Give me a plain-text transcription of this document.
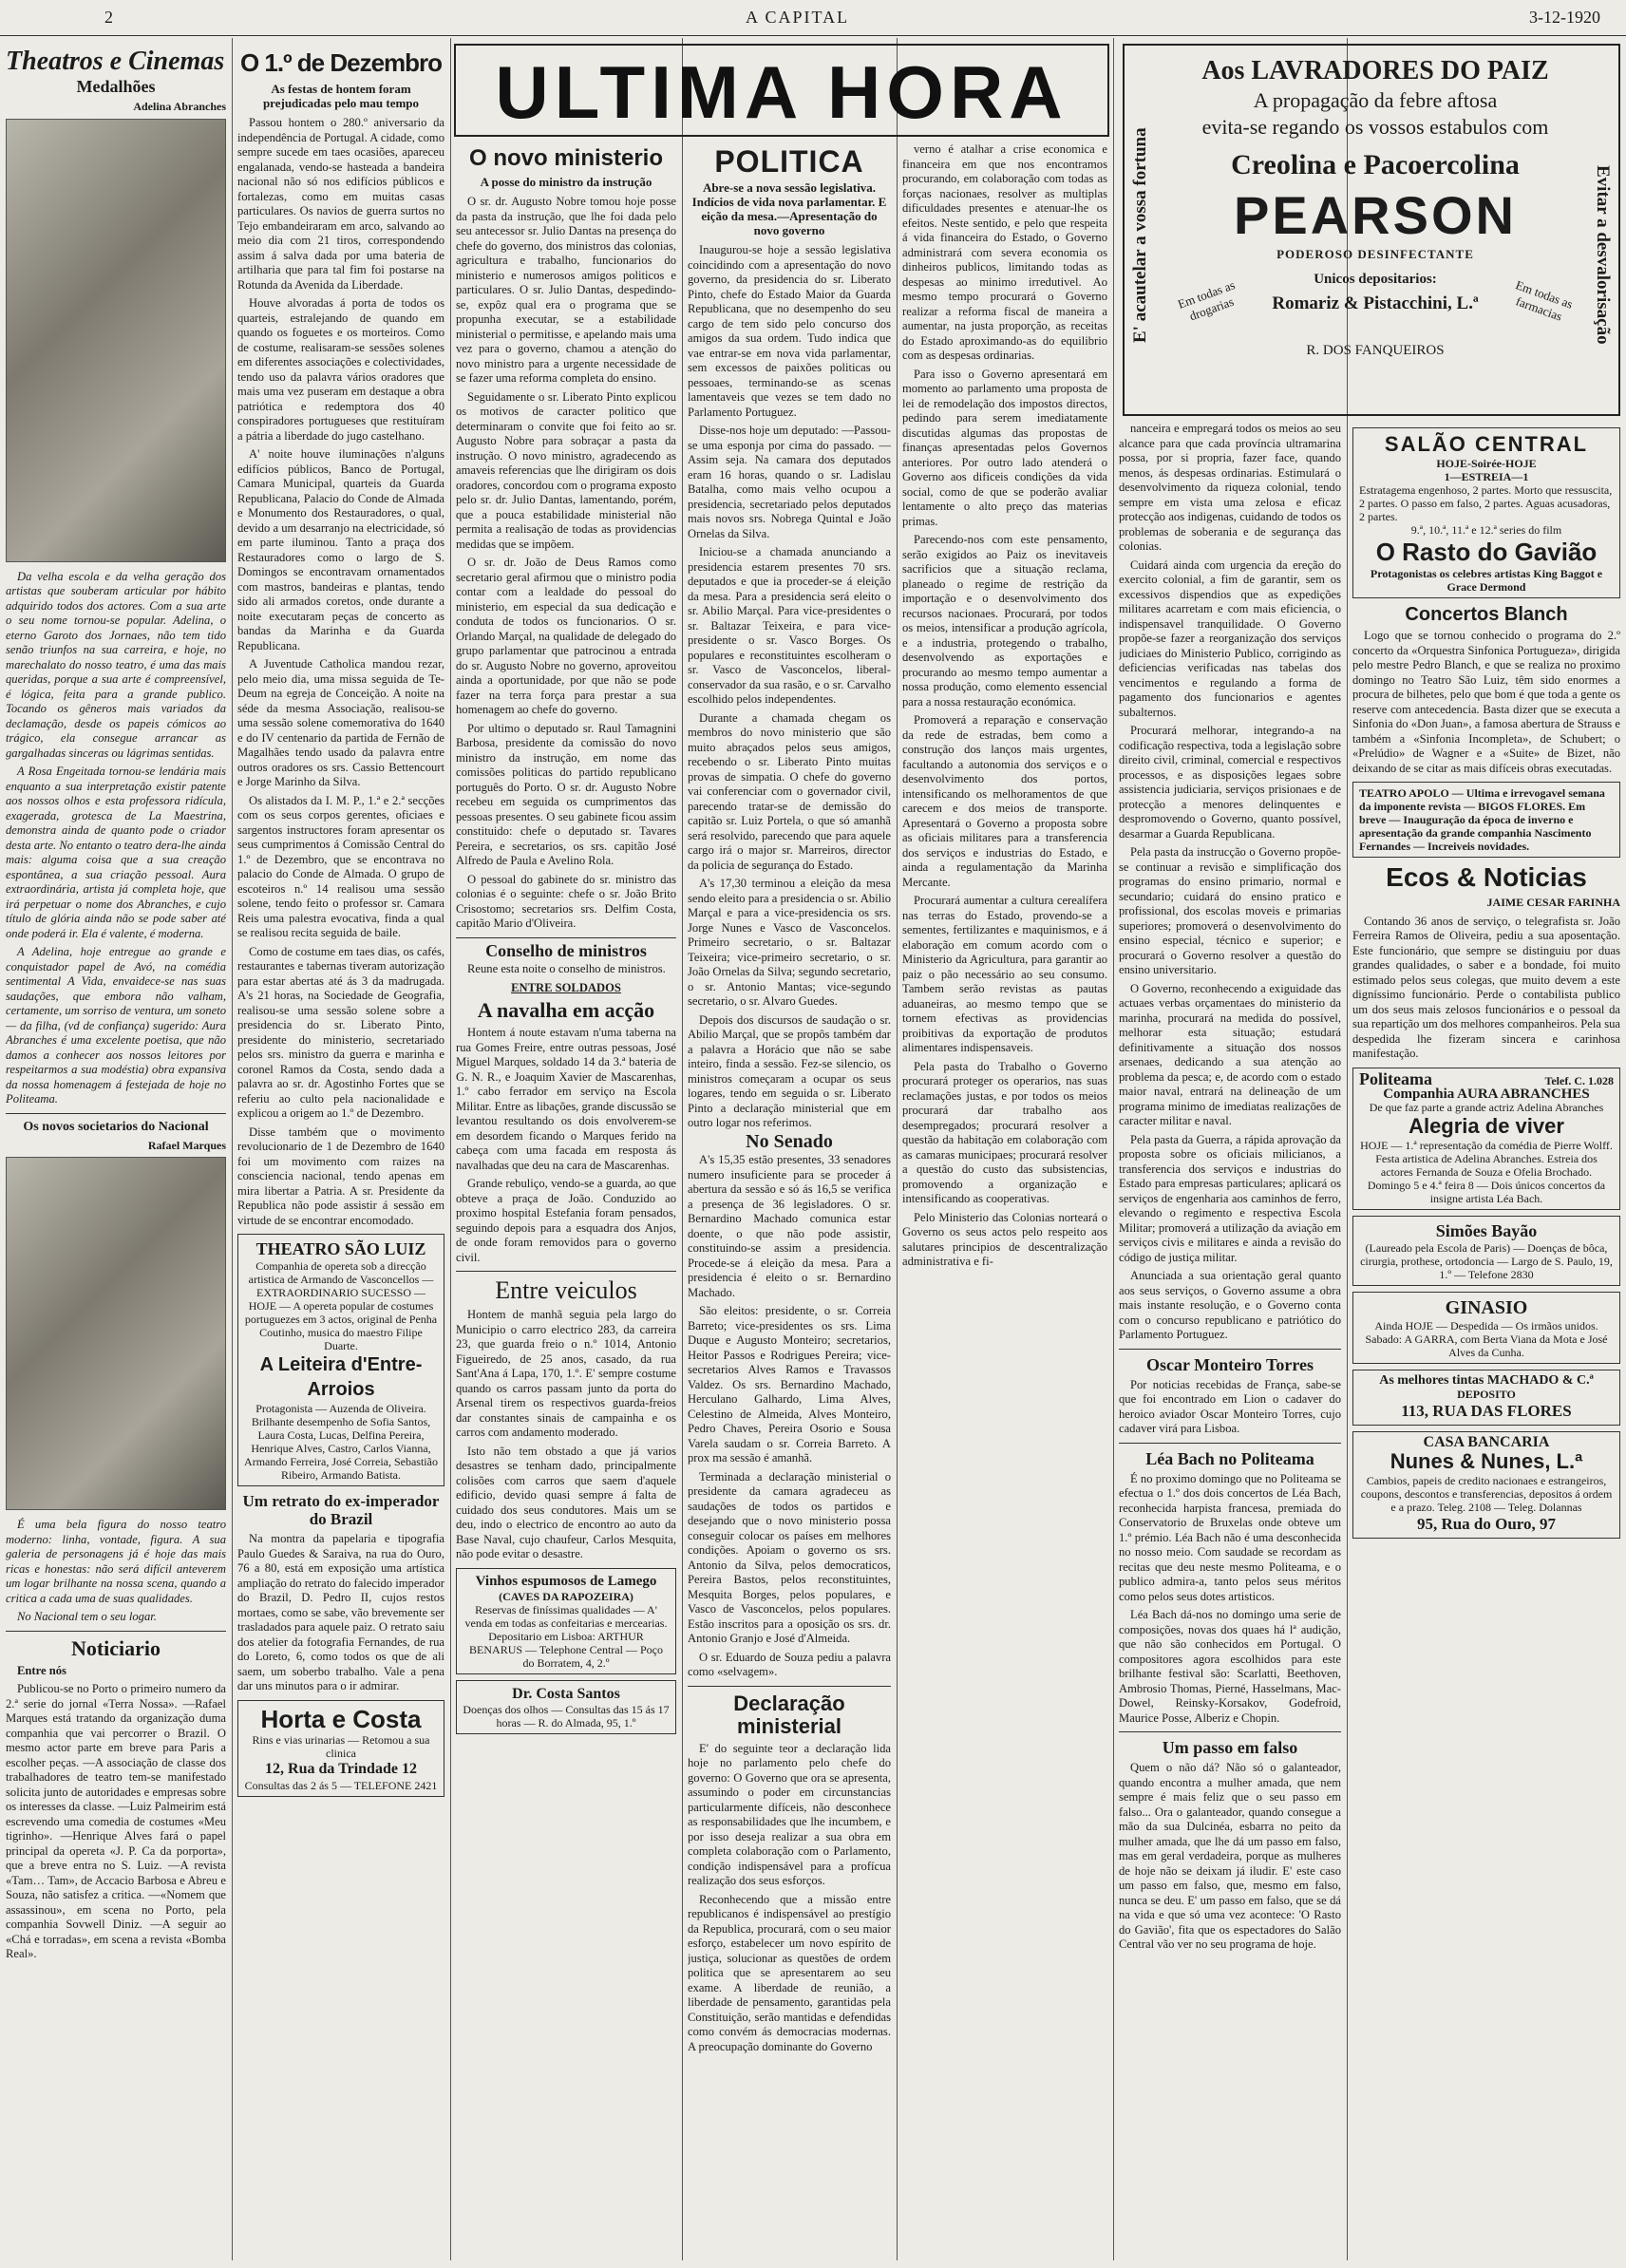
2	A CAPITAL	3-12-1920
Theatros e Cinemas
Medalhões
Adelina Abranches

Da velha escola e da velha geração dos artistas que souberam articular por hábito adquirido todos dos actores. Com a sua arte o seu nome tornou-se popular. Adelina, o eterno Garoto dos Jornaes, não tem tido senão triunfos na sua carreira, e hoje, no marechalato do nosso teatro, é uma das mais queridas, porque a sua arte é compreensível, é lógica, feita para a grande publico. Tocando os gêneros mais variados da declamação, desde os papeis cómicos ao trágico, ela consegue arrancar as gargalhadas sinceras ou lágrimas sentidas.

A Rosa Engeitada tornou-se lendária mais enquanto a sua interpretação existir patente aos nossos olhos e esta professora ridícula, exagerada, grotesca de La Maestrina, demonstra ainda de quanto pode o criador desta arte. No entanto o teatro dera-lhe ainda mais: alguma coisa que a sua creação espontânea, a sua criação pessoal. Aura extraordinária, artista já completa hoje, que irá perpetuar o nome dos Abranches, e cujo título de glória ainda não se pode saber até onde poderá ir. Ela é valente, é moderna.

A Adelina, hoje entregue ao grande e conquistador papel de Avó, na comédia sentimental A Vida, envaidece-se nas suas saudações, que embora não valham, certamente, um sorriso de ventura, um soneto — da filha, (vd de confiança) sugerido: Aura Abranches é uma excelente poetisa, que não damos a conhecer aos nossos leitores por respeitarmos a sua modéstia) obra expansiva da nossa homenagem á festejada de hoje no Politeama.

Os novos societarios do Nacional
Rafael Marques

É uma bela figura do nosso teatro moderno: linha, vontade, figura. A sua galeria de personagens já é hoje das mais ricas e honestas: não será difícil anteverem um logar brilhante na nossa scena, quando a critica a cada uma de suas qualidades.

No Nacional tem o seu logar.

Noticiario

Entre nós

Publicou-se no Porto o primeiro numero da 2.ª serie do jornal «Terra Nossa». —Rafael Marques está tratando da organização duma companhia que vai percorrer o Brazil. O mesmo actor parte em breve para Paris a escolher peças. —A associação de classe dos trabalhadores de teatro tem-se manifestado solicita junto de autoridades e empresas sobre os interesses da classe. —Luiz Palmeirim está escrevendo uma comedia de costumes «Meu tigrinho». —Henrique Alves fará o papel principal da opereta «J. P. Ca da porporta», que a breve entra no S. Luiz. —A revista «Tam… Tam», de Accacio Barbosa e Abreu e Souza, não satisfez a critica. —«Nomem que assassinou», em scena no Porto, pela companhia Sovwell Diniz. —A seguir ao «Chá e torradas», em scena a revista «Bomba Real».

O 1.º de Dezembro
As festas de hontem foram prejudicadas pelo mau tempo

Passou hontem o 280.º aniversario da independência de Portugal. A cidade, como sempre sucede em taes ocasiões, apareceu engalanada, vendo-se hasteada a bandeira nacional não só nos edifícios públicos e fortalezas, como em muitas casas particulares. Os navios de guerra surtos no Tejo embandeiraram em arco, salvando ao meio dia com 21 tiros, correspondendo assim á salva dada por uma bateria de artilharia que para tal fim foi postarse na Rotunda da Avenida da Liberdade.

Houve alvoradas á porta de todos os quarteis, estralejando de quando em quando os foguetes e os morteiros. Como de costume, realisaram-se sessões solenes em diferentes associações e colectividades, tendo uso da palavra vários oradores que mais uma vez puseram em destaque a obra patriótica e redemptora dos 40 conspiradores portugueses que restituíram a pátria a liberdade do jugo castelhano.

A' noite houve iluminações n'alguns edifícios públicos, Banco de Portugal, Camara Municipal, quarteis da Guarda Republicana, Palacio do Conde de Almada e Monumento dos Restauradores, o qual, devido a um desarranjo na electricidade, só em parte iluminou. Tanto a praça dos Restauradores como o largo de S. Domingos se encontravam ornamentados com mastros, bandeiras e plantas, tendo sido ali armados coretos, onde durante a noite executaram peças de concerto as bandas da Marinha e da Guarda Republicana.

A Juventude Catholica mandou rezar, pelo meio dia, uma missa seguida de Te-Deum na egreja de Conceição. A noite na séde da mesma Associação, realisou-se uma sessão solene comemorativa do 1640 e do IV centenario da partida de Fernão de Magalhães tendo usado da palavra entre outros oradores os srs. Cassio Bettencourt e Jorge Marinho da Silva.

Os alistados da I. M. P., 1.ª e 2.ª secções com os seus corpos gerentes, oficiaes e sargentos instructores foram apresentar os seus cumprimentos á Comissão Central do 1.º de Dezembro, que se encontrava no palacio do Conde de Almada. O grupo de escoteiros n.º 14 realisou uma sessão solene, tendo feito o professor sr. Camara Reis uma palestra evocativa, finda a qual se realisou recita seguida de baile.

Como de costume em taes dias, os cafés, restaurantes e tabernas tiveram autorização para estar abertas até ás 3 da madrugada. A's 21 horas, na Sociedade de Geografia, realisou-se uma sessão solene sobre a presidencia do sr. Liberato Pinto, presidente do ministerio, secretariado pelos srs. ministro da guerra e marinha e coronel Ramos da Costa, sendo dada a palavra ao sr. dr. Agostinho Fortes que se referiu ao culto pela nacionalidade e explicou a origem ao 1.º de Dezembro.

Disse também que o movimento revolucionario de 1 de Dezembro de 1640 foi um movimento com raizes na consciencia nacional, tendo apenas em mira libertar a Patria. A sr. Presidente da Republica não pode assistir á sessão em virtude de se encontrar encomodado.

THEATRO SÃO LUIZ
Companhia de opereta sob a direcção artistica de Armando de Vasconcellos — EXTRAORDINARIO SUCESSO — HOJE — A opereta popular de costumes portuguezes em 3 actos, original de Penha Coutinho, musica do maestro Filipe Duarte.
A Leiteira d'Entre-Arroios
Protagonista — Auzenda de Oliveira. Brilhante desempenho de Sofia Santos, Laura Costa, Lucas, Delfina Pereira, Henrique Alves, Castro, Carlos Vianna, Armando Ferreira, José Correia, Sebastião Ribeiro, Armando Batista.
Um retrato do ex-imperador do Brazil

Na montra da papelaria e tipografia Paulo Guedes & Saraiva, na rua do Ouro, 76 a 80, está em exposição uma artística ampliação do retrato do falecido imperador do Brazil, D. Pedro II, cujos restos mortaes, como se sabe, vão brevemente ser trasladados para aquele paiz. O retrato saiu dos atelier da fotografia Fernandes, de rua do Loreto, 6, como todos os que de ali saem, um soberbo trabalho. Vale a pena dar uns minutos para o ir admirar.

Horta e Costa
Rins e vias urinarias — Retomou a sua clinica
12, Rua da Trindade 12
Consultas das 2 ás 5 — TELEFONE 2421
ULTIMA HORA
O novo ministerio
A posse do ministro da instrução

O sr. dr. Augusto Nobre tomou hoje posse da pasta da instrução, que lhe foi dada pelo seu antecessor sr. Julio Dantas na presença do chefe do governo, dos ministros das colonias, agricultura e trabalho, funcionarios do ministerio e numerosos amigos politicos e particulares. O sr. Julio Dantas, despedindo-se, expôz qual era o programa que se propunha executar, se a estabilidade ministerial o permitisse, e apelando mais uma vez para o governo, chamou a atenção do novo ministro para a urgente necessidade de se fazer uma reforma completa do ensino.

Seguidamente o sr. Liberato Pinto explicou os motivos de caracter politico que determinaram o convite que foi feito ao sr. Augusto Nobre para sobraçar a pasta da instrução. O novo ministro, agradecendo as amaveis referencias que lhe dirigiram os dois oradores, concordou com o programa exposto pelo sr. dr. Julio Dantas, lamentando, porém, que a pouca estabilidade ministerial não permita a realisação de todas as providencias medidas que se impõem.

O sr. dr. João de Deus Ramos como secretario geral afirmou que o ministro podia contar com a lealdade do pessoal do ministerio, em especial da sua dedicação e conduta de todos os funcionarios. O sr. Orlando Marçal, na qualidade de delegado do grupo parlamentar que patrocinou a entrada do sr. Augusto Nobre no governo, aproveitou ainda a oportunidade, por que não se pode fazer na terra força para prestar a sua homenagem ao chefe do governo.

Por ultimo o deputado sr. Raul Tamagnini Barbosa, presidente da comissão do novo ministro da instrução, em nome das comissões politicas do partido republicano português do Porto. O sr. dr. Augusto Nobre recebeu em seguida os cumprimentos das pessoas presentes. O seu gabinete ficou assim constituido: chefe o deputado sr. Tavares Pereira, e secretarios, os srs. capitão José Alfredo de Paula e Avelino Rola.

O pessoal do gabinete do sr. ministro das colonias é o seguinte: chefe o sr. João Brito Crisostomo; secretarios srs. Delfim Costa, capitão Mario d'Oliveira.

Conselho de ministros

Reune esta noite o conselho de ministros.

ENTRE SOLDADOS

A navalha em acção

Hontem á noute estavam n'uma taberna na rua Gomes Freire, entre outras pessoas, José Miguel Marques, soldado 14 da 3.ª bateria de G. N. R., e Joaquim Xavier de Mascarenhas, 1.º cabo ferrador em serviço na Escola Militar. Entre as libações, grande discussão se levantou resultando os dois envolverem-se em desordem ficando o Marques ferido na cabeça com uma facada em resposta ás navalhadas que deu na cara de Mascarenhas.

Grande rebuliço, vendo-se a guarda, ao que obteve a praça de João. Conduzido ao proximo hospital Estefania foram pensados, seguindo depois para a esquadra dos Anjos, de onde foram removidos para o governo civil.

Entre veiculos

Hontem de manhã seguia pela largo do Municipio o carro electrico 283, da carreira 23, que guarda freio o n.º 1014, Antonio Figueiredo, de 25 anos, casado, da rua Sant'Ana á Lapa, 170, 1.º. E' sempre costume quando os carros passam junto da porta do Arsenal tirem os respectivos guarda-freios dar constantes sinais de campainha e os carros com andamento moderado.

Isto não tem obstado a que já varios desastres se tenham dado, principalmente colisões com carros que saem d'aquele edificio, devido quasi sempre á falta de cuidado dos seus condutores. Mais um se deu, indo o electrico de encontro ao auto da Base Naval, cujo chaufeur, Carlos Mesquita, não pode evitar o desastre.

Vinhos espumosos de Lamego
(CAVES DA RAPOZEIRA)
Reservas de finíssimas qualidades — A' venda em todas as confeitarias e mercearias. Depositario em Lisboa: ARTHUR BENARUS — Telephone Central — Poço do Borratem, 4, 2.º
Dr. Costa Santos
Doenças dos olhos — Consultas das 15 ás 17 horas — R. do Almada, 95, 1.º
POLITICA
Abre-se a nova sessão legislativa. Indícios de vida nova parlamentar. E eição da mesa.—Apresentação do novo governo

Inaugurou-se hoje a sessão legislativa coincidindo com a apresentação do novo governo, da presidencia do sr. Liberato Pinto, chefe do Estado Maior da Guarda Republicana, que no desempenho do seu cargo de tem sido pelo concurso dos amigos da sua ordem. Tudo indica que vae entrar-se em nova vida parlamentar, sem excessos de paixões politicas ou pessoaes, terminando-se as scenas lamentaveis que vezes se tem dado no Parlamento Portuguez.

Disse-nos hoje um deputado: —Passou-se uma esponja por cima do passado. —Assim seja. Na camara dos deputados eram 16 horas, quando o sr. Ladislau Batalha, como mais velho ocupou a presidencia, secretariado pelos deputados mais novos srs. Nobrega Quintal e João Ornelas da Silva.

Iniciou-se a chamada anunciando a presidencia estarem presentes 70 srs. deputados e que ia proceder-se á eleição da mesa. Para a presidencia será eleito o sr. Abilio Marçal. Para vice-presidentes o sr. Baltazar Teixeira, e para vice-presidente o sr. Vasco Borges. Os populares e reconstituintes escolheram o sr. Vasco de Vasconcelos, liberal-conservador da sua rasão, e o sr. Carvalho escolhido pelos independentes.

Durante a chamada chegam os membros do novo ministerio que são muito abraçados pelos seus amigos, recebendo o sr. Liberato Pinto muitas provas de simpatia. O chefe do governo vai conferenciar com o governador civil, parecendo tratar-se de demissão do capitão sr. Luiz Portela, o que só amanhã será resolvido, parecendo que para aquele cargo irá o major sr. Marreiros, director da policia de segurança do Estado.

A's 17,30 terminou a eleição da mesa sendo eleito para a presidencia o sr. Abilio Marçal e para a vice-presidencia os srs. Jorge Nunes e Vasco de Vasconcelos. Primeiro secretario, o sr. Baltazar Teixeira; vice-primeiro secretario, o sr. João Ornelas da Silva; segundo secretario, o sr. Antonio Mantas; vice-segundo secretario, o sr. Alvaro Guedes.

Depois dos discursos de saudação o sr. Abilio Marçal, que se propôs também dar a palavra a Horácio que não se sabe inteiro, finda a sessão. Fez-se silencio, os ministros começaram a ocupar os seus logares, tendo em seguida o sr. Liberato Pinto a declaração ministerial que em outro logar nos referimos.

No Senado

A's 15,35 estão presentes, 33 senadores numero insuficiente para se proceder á abertura da sessão e só ás 16,5 se verifica a presença de 36 legisladores. O sr. Bernardino Machado comunica estar doente, o que não pode assistir, constituindo-se assim a presidencia. Procede-se á eleição da mesa. Para a presidencia é eleito o sr. Bernardino Machado.

São eleitos: presidente, o sr. Correia Barreto; vice-presidentes os srs. Lima Duque e Augusto Monteiro; secretarios, Heitor Passos e Rodrigues Pereira; vice-secretarios Alves Ramos e Travassos Valdez. Os srs. Bernardino Machado, Herculano Galhardo, Lima Alves, Celestino de Almeida, Alves Monteiro, Pedro Chaves, Pereira Osorio e Sousa Varela saudam o sr. Correia Barreto. A prox ma sessão é amanhã.

Terminada a declaração ministerial o presidente da camara agradeceu as saudações de todos os partidos e desejando que o novo ministerio possa conseguir colocar os países em melhores condições. Apoiam o governo os srs. Antonio da Silva, pelos democraticos, Pereira Bastos, pelos reconstituintes, Mesquita Borges, pelos populares, e Vasco de Vasconcelos, pelos populares. Estão inscritos para a oposição os srs. dr. Antonio Granjo e José d'Almeida.

O sr. Eduardo de Souza pediu a palavra como «selvagem».

Declaração ministerial

E' do seguinte teor a declaração lida hoje no parlamento pelo chefe do governo: O Governo que ora se apresenta, assumindo o poder em circunstancias particularmente difíceis, não desconhece as responsabilidades que lhe incumbem, e por isso deseja realizar a sua obra em completa colaboração com o Parlamento, condição indispensável para a profícua realização dos seus esforços.

Reconhecendo que a missão entre republicanos é indispensável ao prestígio da Republica, procurará, com o seu maior esforço, estabelecer um novo espírito de justiça, solucionar as questões de ordem politica que se apresentarem ao seu exame. A liberdade de reunião, a liberdade de pensamento, garantidas pela Constituição, serão mantidas e defendidas como convém ás democracias modernas. A preocupação dominante do Governo

verno é atalhar a crise economica e financeira em que nos encontramos procurando, em colaboração com todas as forças nacionaes, resolver as multiplas dificuldades presentes e atenuar-lhe os efeitos. Neste sentido, e pelo que respeita á vida financeira do Estado, o Governo administrará com severa economia os dinheiros publicos, limitando todas as despesas ao minimo irredutivel. Ao mesmo tempo procurará o Governo realizar a reforma fiscal de maneira a aumentar, na justa proporção, as receitas do Estado aproximando-as do equilibrio com as despesas ordinarias.

Para isso o Governo apresentará em momento ao parlamento uma proposta de lei de remodelação dos impostos directos, pedindo para serem imediatamente discutidas algumas das propostas de finanças apresentadas pelos Governos anteriores. Por outro lado atenderá o Governo aos dificeis condições da vida social, como de que se poderão avaliar lentamente o alto preço das materias primas.

Parecendo-nos com este pensamento, serão exigidos ao Paiz os inevitaveis sacrificios que a situação reclama, planeado o regime de restrição da importação e o desenvolvimento dos recursos nacionaes. Procurará, por todos os meios, intensificar a produção agrícola, e a industria, protegendo o trabalho, desenvolvendo as exportações e procurando ao mesmo tempo aumentar a nossa produção, como elemento essencial para a nossa restauração económica.

Promoverá a reparação e conservação da rede de estradas, bem como a construção dos lanços mais urgentes, facultando a autonomia dos serviços e o desenvolvimento dos portos, intensificando os melhoramentos de que carecem e dos meios de transporte. Apresentará o Governo a proposta sobre as oficiais militares para a transferencia dos serviços e industrias do Estado, e ainda a regulamentação da Marinha Mercante.

Procurará aumentar a cultura cerealífera nas terras do Estado, provendo-se a sementes, fertilizantes e maquinismos, e á elaboração em comum acordo com o Ministerio da Agricultura, para garantir ao paiz o pão necessário ao seu consumo. Tambem serão revistas as pautas aduaneiras, ao mesmo tempo que se tornem efectivas as providencias proibitivas da exportação de produtos alimentares indispensaveis.

Pela pasta do Trabalho o Governo procurará proteger os operarios, nas suas reclamações justas, e por todos os meios procurará dar trabalho aos desempregados; procurará resolver a questão da habitação em colaboração com as camaras municipaes; procurará resolver a questão do custo das subsistencias, promovendo a organização e intensificando as cooperativas.

Pelo Ministerio das Colonias norteará o Governo os seus actos pelo respeito aos salutares principios de descentralização administrativa e fi-

E' acautelar a vossa fortuna	Evitar a desvalorisação
Aos LAVRADORES DO PAIZ
A propagação da febre aftosa
evita-se regando os vossos estabulos com
Creolina e Pacoercolina
PEARSON
PODEROSO DESINFECTANTE
Em todas as drogarias	Em todas as farmacias
Unicos depositarios:
Romariz & Pistacchini, L.ª
R. DOS FANQUEIROS

nanceira e empregará todos os meios ao seu alcance para que cada província ultramarina possa, por si propria, fazer face, quando menos, ás despesas ordinarias. Estimulará o desenvolvimento da riqueza colonial, tendo sempre em vista uma zelosa e eficaz protecção aos indigenas, cuidando de todos os problemas de soberania e de segurança das colonias.

Cuidará ainda com urgencia da ereção do exercito colonial, a fim de garantir, sem os excessivos dispendios que as expedições militares acarretam e com mais eficiencia, o indispensavel tranquilidade. O Governo propõe-se fazer a reorganização dos serviços judiciaes do Ministerio Publico, corrigindo as deficiencias verificadas nas tabelas dos vencimentos e regulando a forma de pagamento dos funcionarios e agentes subalternos.

Procurará melhorar, integrando-a na codificação respectiva, toda a legislação sobre direito civil, criminal, comercial e respectivos processos, e as disposições legaes sobre assistencia judiciaria, serviços prisionaes e de protecção a menores delinquentes e despromovendo o Governo, quanto possível, desarmar a Guarda Republicana.

Pela pasta da instrucção o Governo propõe-se continuar a revisão e simplificação dos programas do ensino primario, normal e secundario; cuidará do ensino pratico e profissional, dos escolas moveis e primarias superiores; promoverá o desenvolvimento do ensino especial, técnico e superior; e procurará o Governo resolver a questão do ensino universitario.

O Governo, reconhecendo a exiguidade das actuaes verbas orçamentaes do ministerio da marinha, procurará na medida do possível, melhorar esta situação; estudará definitivamente a situação dos nossos arsenaes, dedicando a sua atenção ao problema da pesca; e, de acordo com o estado maior naval, entrará na delineação de um programa minimo de imediatas realizações de caracter militar e naval.

Pela pasta da Guerra, a rápida aprovação da proposta sobre os oficiais milicianos, a transferencia dos serviços e industrias do Estado para empresas particulares; aplicará os serviços de engenharia aos caminhos de ferro, elevando o regimento e respectiva Escola Militar; promoverá a utilização da aviação em serviços civis e militares e ainda a revisão do código de justiça militar.

Anunciada a sua orientação geral quanto aos seus serviços, o Governo assume a obra mais instante resolução, e o Governo conta com o concurso republicano e patriótico do Parlamento Portuguez.

Oscar Monteiro Torres

Por noticias recebidas de França, sabe-se que foi encontrado em Lion o cadaver do heroico aviador Oscar Monteiro Torres, cujo cadaver virá para Lisboa.

Léa Bach no Politeama

É no proximo domingo que no Politeama se efectua o 1.º dos dois concertos de Léa Bach, reconhecida harpista francesa, premiada do Conservatorio de Bruxelas onde obteve um 1.º prémio. Léa Bach não é uma desconhecida no nosso meio. Com saudade se recordam as recitas que deu neste mesmo Politeama, e o publico admira-a, tanto pelos seus méritos como pelos seus dotes artisticos.

Léa Bach dá-nos no domingo uma serie de composições, novas dos quaes há lª audição, que não são conhecidos em Portugal. O compositores agora escolhidos para este brilhante festival são: Scarlatti, Beethoven, Ambrosio Thomas, Pierné, Hasselmans, Mac-Dowel, Reinsky-Korsakov, Godefroid, Maurice Posse, Alberiz e Chopin.

Um passo em falso

Quem o não dá? Não só o galanteador, quando encontra a mulher amada, que nem sempre é mais feliz que o seu passo em falso... Ora o galanteador, quando consegue a mão da sua Dulcinéa, esbarra no peito da mulher amada, que lhe dá um passo em falso, mas em geral verdadeira, porque as mulheres de hoje não se deixam já iludir. E' este caso um passo em falso, que, mesmo em falso, nunca se deu. E' um passo em falso, que se dá na vida e que só uma vez acontece: 'O Rasto do Gavião', fita que os espectadores do Salão Central vão ver no seu programa de hoje.

SALÃO CENTRAL
HOJE-Soirée-HOJE
1—ESTREIA—1
Estratagema engenhoso, 2 partes. Morto que ressuscita, 2 partes. O passo em falso, 2 partes. Aguas acusadoras, 2 partes.
9.ª, 10.ª, 11.ª e 12.ª series do film
O Rasto do Gavião
Protagonistas os celebres artistas King Baggot e Grace Dermond
Concertos Blanch

Logo que se tornou conhecido o programa do 2.º concerto da «Orquestra Sinfonica Portugueza», dirigida pelo mestre Pedro Blanch, e que se realiza no proximo domingo no Teatro São Luiz, têm sido enormes a procura de bilhetes, pelo que bom é que toda a gente os reserve com antecedencia. Basta dizer que se executa a Sinfonia do «Don Juan», a famosa abertura de Strauss e também a «Sinfonia Incompleta», de Schubert; o «Prelúdio» de Wagner e a «Suite» de Bizet, não deixando de se citar as mais difíceis obras executadas.

TEATRO APOLO — Ultima e irrevogavel semana da imponente revista — BIGOS FLORES. Em breve — Inauguração da época de inverno e apresentação da grande companhia Nascimento Fernandes — Increiveis novidades.
Ecos & Noticias
JAIME CESAR FARINHA

Contando 36 anos de serviço, o telegrafista sr. João Ferreira Ramos de Oliveira, pediu a sua aposentação. Este funcionário, que sempre se distinguiu por duas grandes qualidades, o saber e a bondade, foi muito estimado pelos seus colegas, que muito devem a este digníssimo funcionário. Perde o contabilista publico um dos seus mais zelosos funcionários e o pessoal da sua repartição um dos melhores companheiros. Pela sua despedida lhe fizeram sincera e carinhosa manifestação.

Politeama	Telef. C. 1.028
Companhia AURA ABRANCHES
De que faz parte a grande actriz Adelina Abranches
Alegria de viver
HOJE — 1.ª representação da comédia de Pierre Wolff. Festa artistica de Adelina Abranches. Estreia dos actores Fernanda de Souza e Ofelia Brochado. Domingo 5 e 4.ª feira 8 — Dois únicos concertos da insigne artista Léa Bach.
Simões Bayão
(Laureado pela Escola de Paris) — Doenças de bôca, cirurgia, prothese, ortodoncia — Largo de S. Paulo, 19, 1.º — Telefone 2830
GINASIO
Ainda HOJE — Despedida — Os irmãos unidos. Sabado: A GARRA, com Berta Viana da Mota e José Alves da Cunha.
As melhores tintas MACHADO & C.ª
DEPOSITO
113, RUA DAS FLORES
CASA BANCARIA
Nunes & Nunes, L.ª
Cambios, papeis de credito nacionaes e estrangeiros, coupons, descontos e transferencias, depositos á ordem e a prazo. Teleg. 2108 — Teleg. Dolannas
95, Rua do Ouro, 97
